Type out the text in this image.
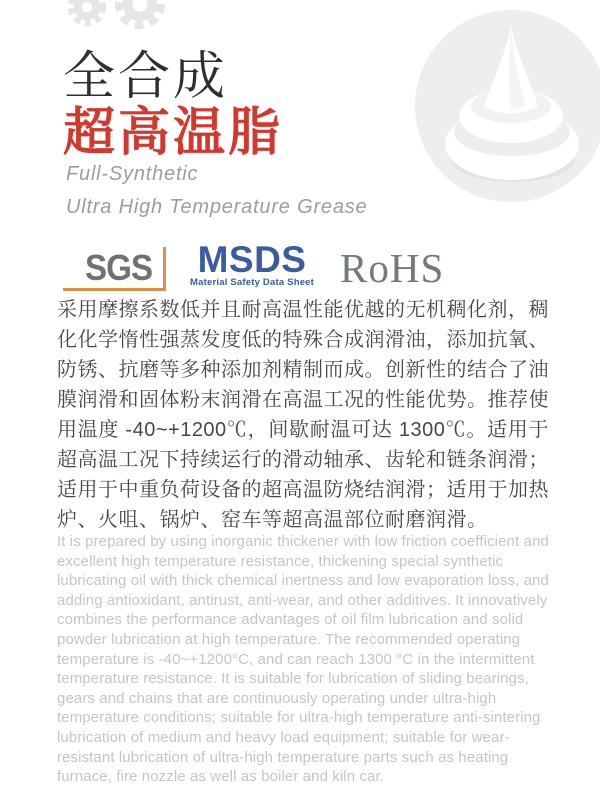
全合成
超高温脂
Full-Synthetic
Ultra High Temperature Grease
SGS	MSDS
Material Safety Data Sheet RoHS
采用摩擦系数低并且耐高温性能优越的无机稠化剂，稠化化学惰性强蒸发度低的特殊合成润滑油，添加抗氧、防锈、抗磨等多种添加剂精制而成。创新性的结合了油膜润滑和固体粉末润滑在高温工况的性能优势。推荐使用温度 -40~+1200℃，间歇耐温可达 1300℃。适用于超高温工况下持续运行的滑动轴承、齿轮和链条润滑；适用于中重负荷设备的超高温防烧结润滑；适用于加热炉、火咀、锅炉、窑车等超高温部位耐磨润滑。
It is prepared by using inorganic thickener with low friction coefficient and excellent high temperature resistance, thickening special synthetic lubricating oil with thick chemical inertness and low evaporation loss, and adding antioxidant, antirust, anti-wear, and other additives. It innovatively combines the performance advantages of oil film lubrication and solid powder lubrication at high temperature. The recommended operating temperature is -40~+1200°C, and can reach 1300 °C in the intermittent temperature resistance. It is suitable for lubrication of sliding bearings, gears and chains that are continuously operating under ultra-high temperature conditions; suitable for ultra-high temperature anti-sintering lubrication of medium and heavy load equipment; suitable for wear-resistant lubrication of ultra-high temperature parts such as heating furnace, fire nozzle as well as boiler and kiln car.
